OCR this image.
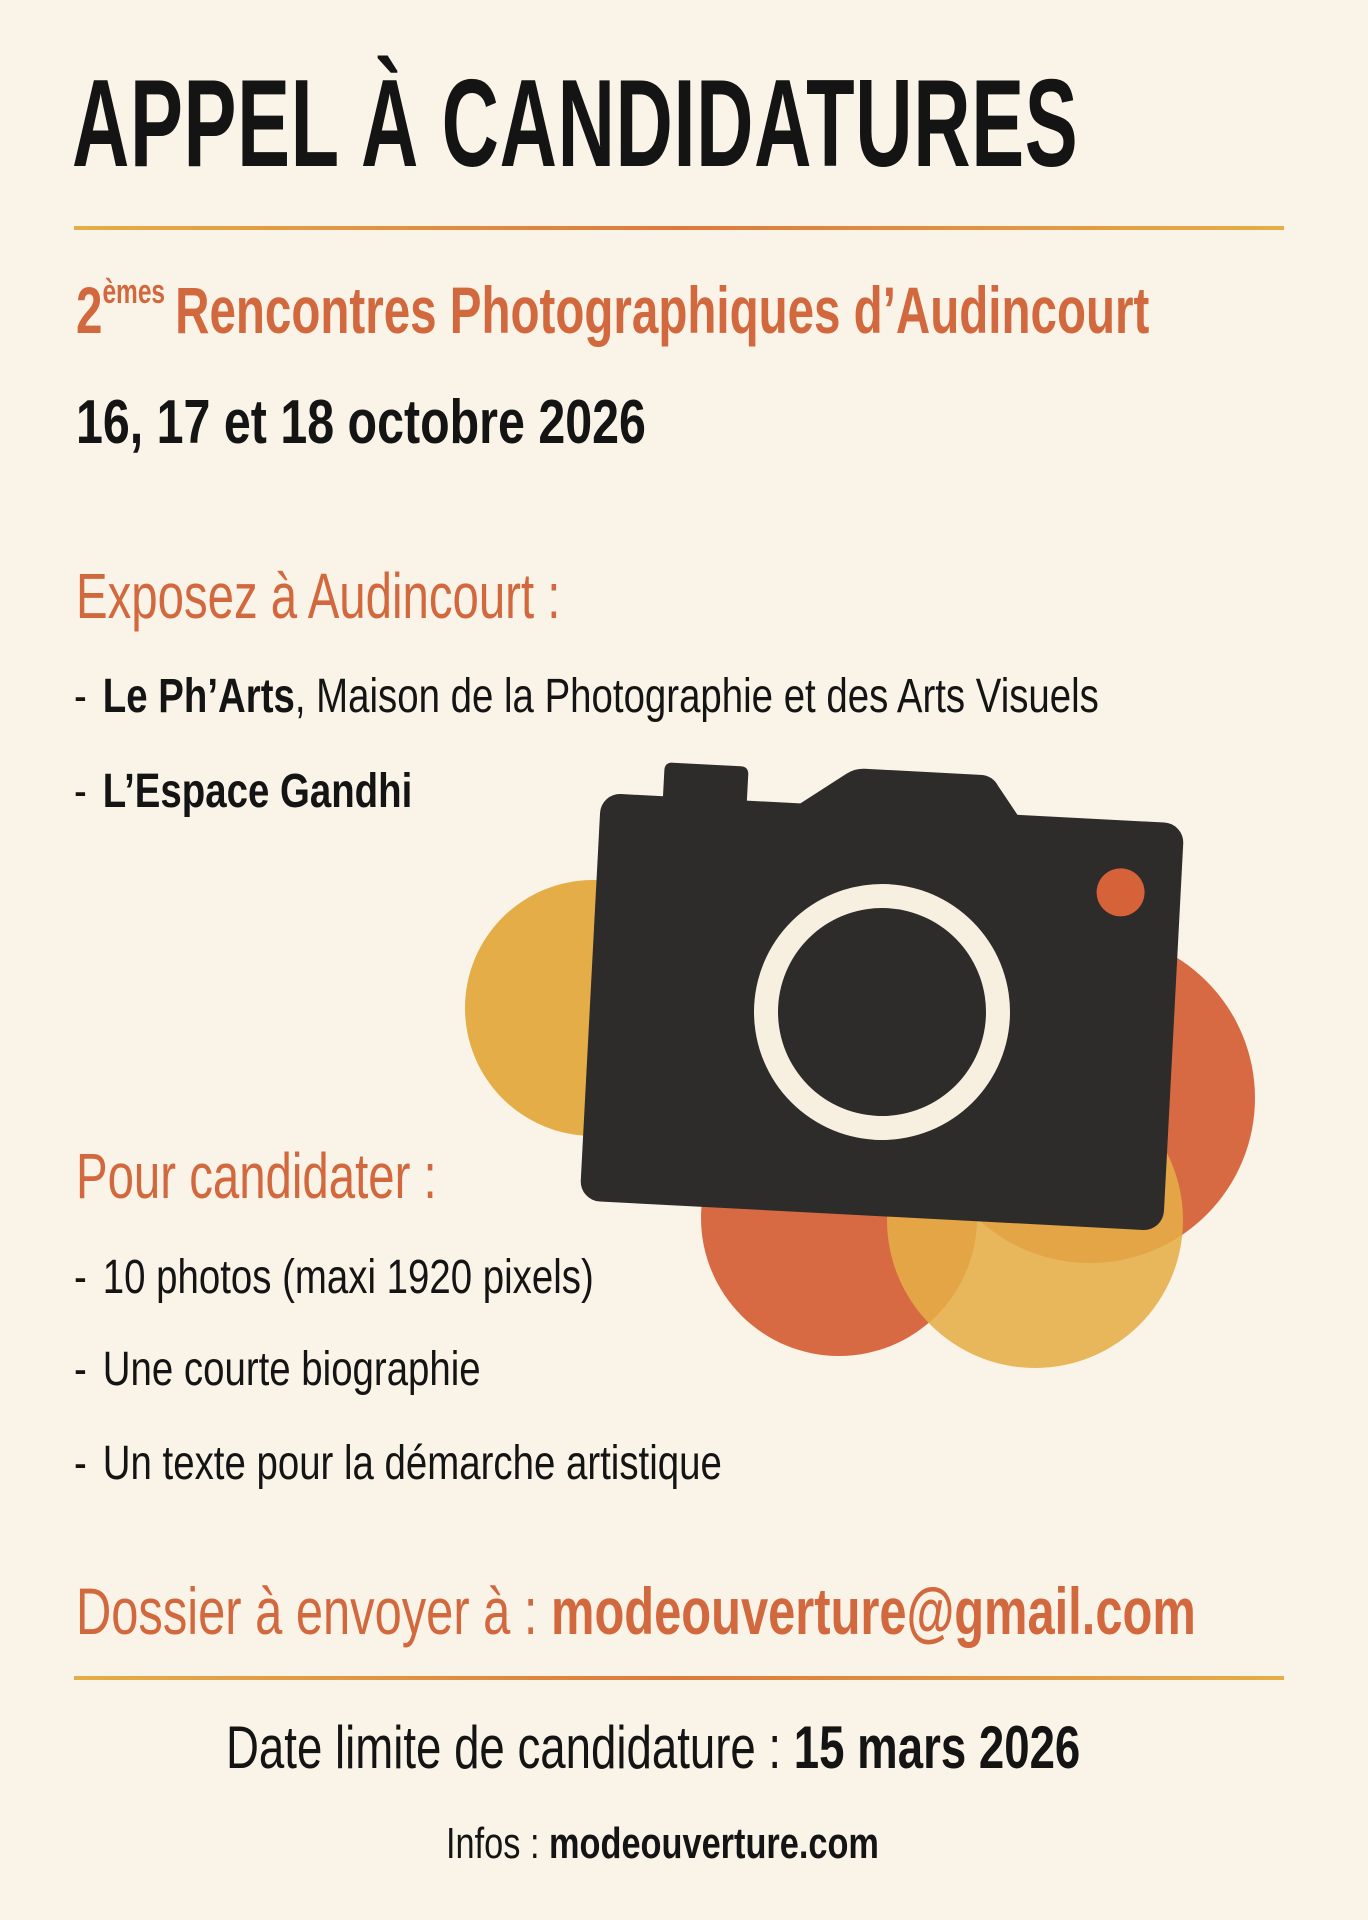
APPEL À CANDIDATURES
2èmes Rencontres Photographiques d’Audincourt
16, 17 et 18 octobre 2026
Exposez à Audincourt :
- Le Ph’Arts, Maison de la Photographie et des Arts Visuels
- L’Espace Gandhi
Pour candidater :
- 10 photos (maxi 1920 pixels)
- Une courte biographie
- Un texte pour la démarche artistique
Dossier à envoyer à : modeouverture@gmail.com
Date limite de candidature : 15 mars 2026
Infos : modeouverture.com
